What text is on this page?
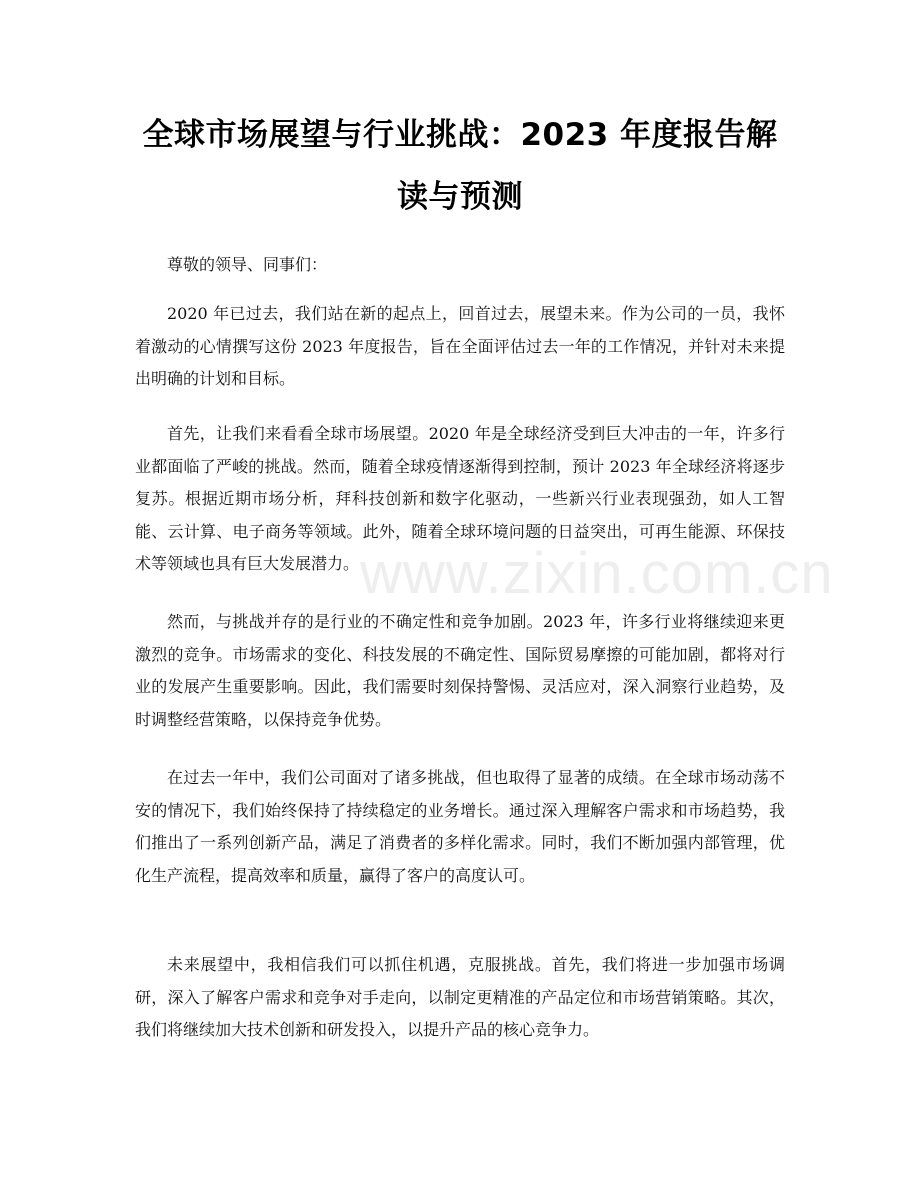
全球市场展望与行业挑战：2023 年度报告解
读与预测

尊敬的领导、同事们：

2020 年已过去，我们站在新的起点上，回首过去，展望未来。作为公司的一员，我怀着激动的心情撰写这份 2023 年度报告，旨在全面评估过去一年的工作情况，并针对未来提出明确的计划和目标。

首先，让我们来看看全球市场展望。2020 年是全球经济受到巨大冲击的一年，许多行业都面临了严峻的挑战。然而，随着全球疫情逐渐得到控制，预计 2023 年全球经济将逐步复苏。根据近期市场分析，拜科技创新和数字化驱动，一些新兴行业表现强劲，如人工智能、云计算、电子商务等领域。此外，随着全球环境问题的日益突出，可再生能源、环保技术等领域也具有巨大发展潜力。

然而，与挑战并存的是行业的不确定性和竞争加剧。2023 年，许多行业将继续迎来更激烈的竞争。市场需求的变化、科技发展的不确定性、国际贸易摩擦的可能加剧，都将对行业的发展产生重要影响。因此，我们需要时刻保持警惕、灵活应对，深入洞察行业趋势，及时调整经营策略，以保持竞争优势。

在过去一年中，我们公司面对了诸多挑战，但也取得了显著的成绩。在全球市场动荡不安的情况下，我们始终保持了持续稳定的业务增长。通过深入理解客户需求和市场趋势，我们推出了一系列创新产品，满足了消费者的多样化需求。同时，我们不断加强内部管理，优化生产流程，提高效率和质量，赢得了客户的高度认可。

未来展望中，我相信我们可以抓住机遇，克服挑战。首先，我们将进一步加强市场调研，深入了解客户需求和竞争对手走向，以制定更精准的产品定位和市场营销策略。其次，我们将继续加大技术创新和研发投入，以提升产品的核心竞争力。

www.zixin.com.cn
